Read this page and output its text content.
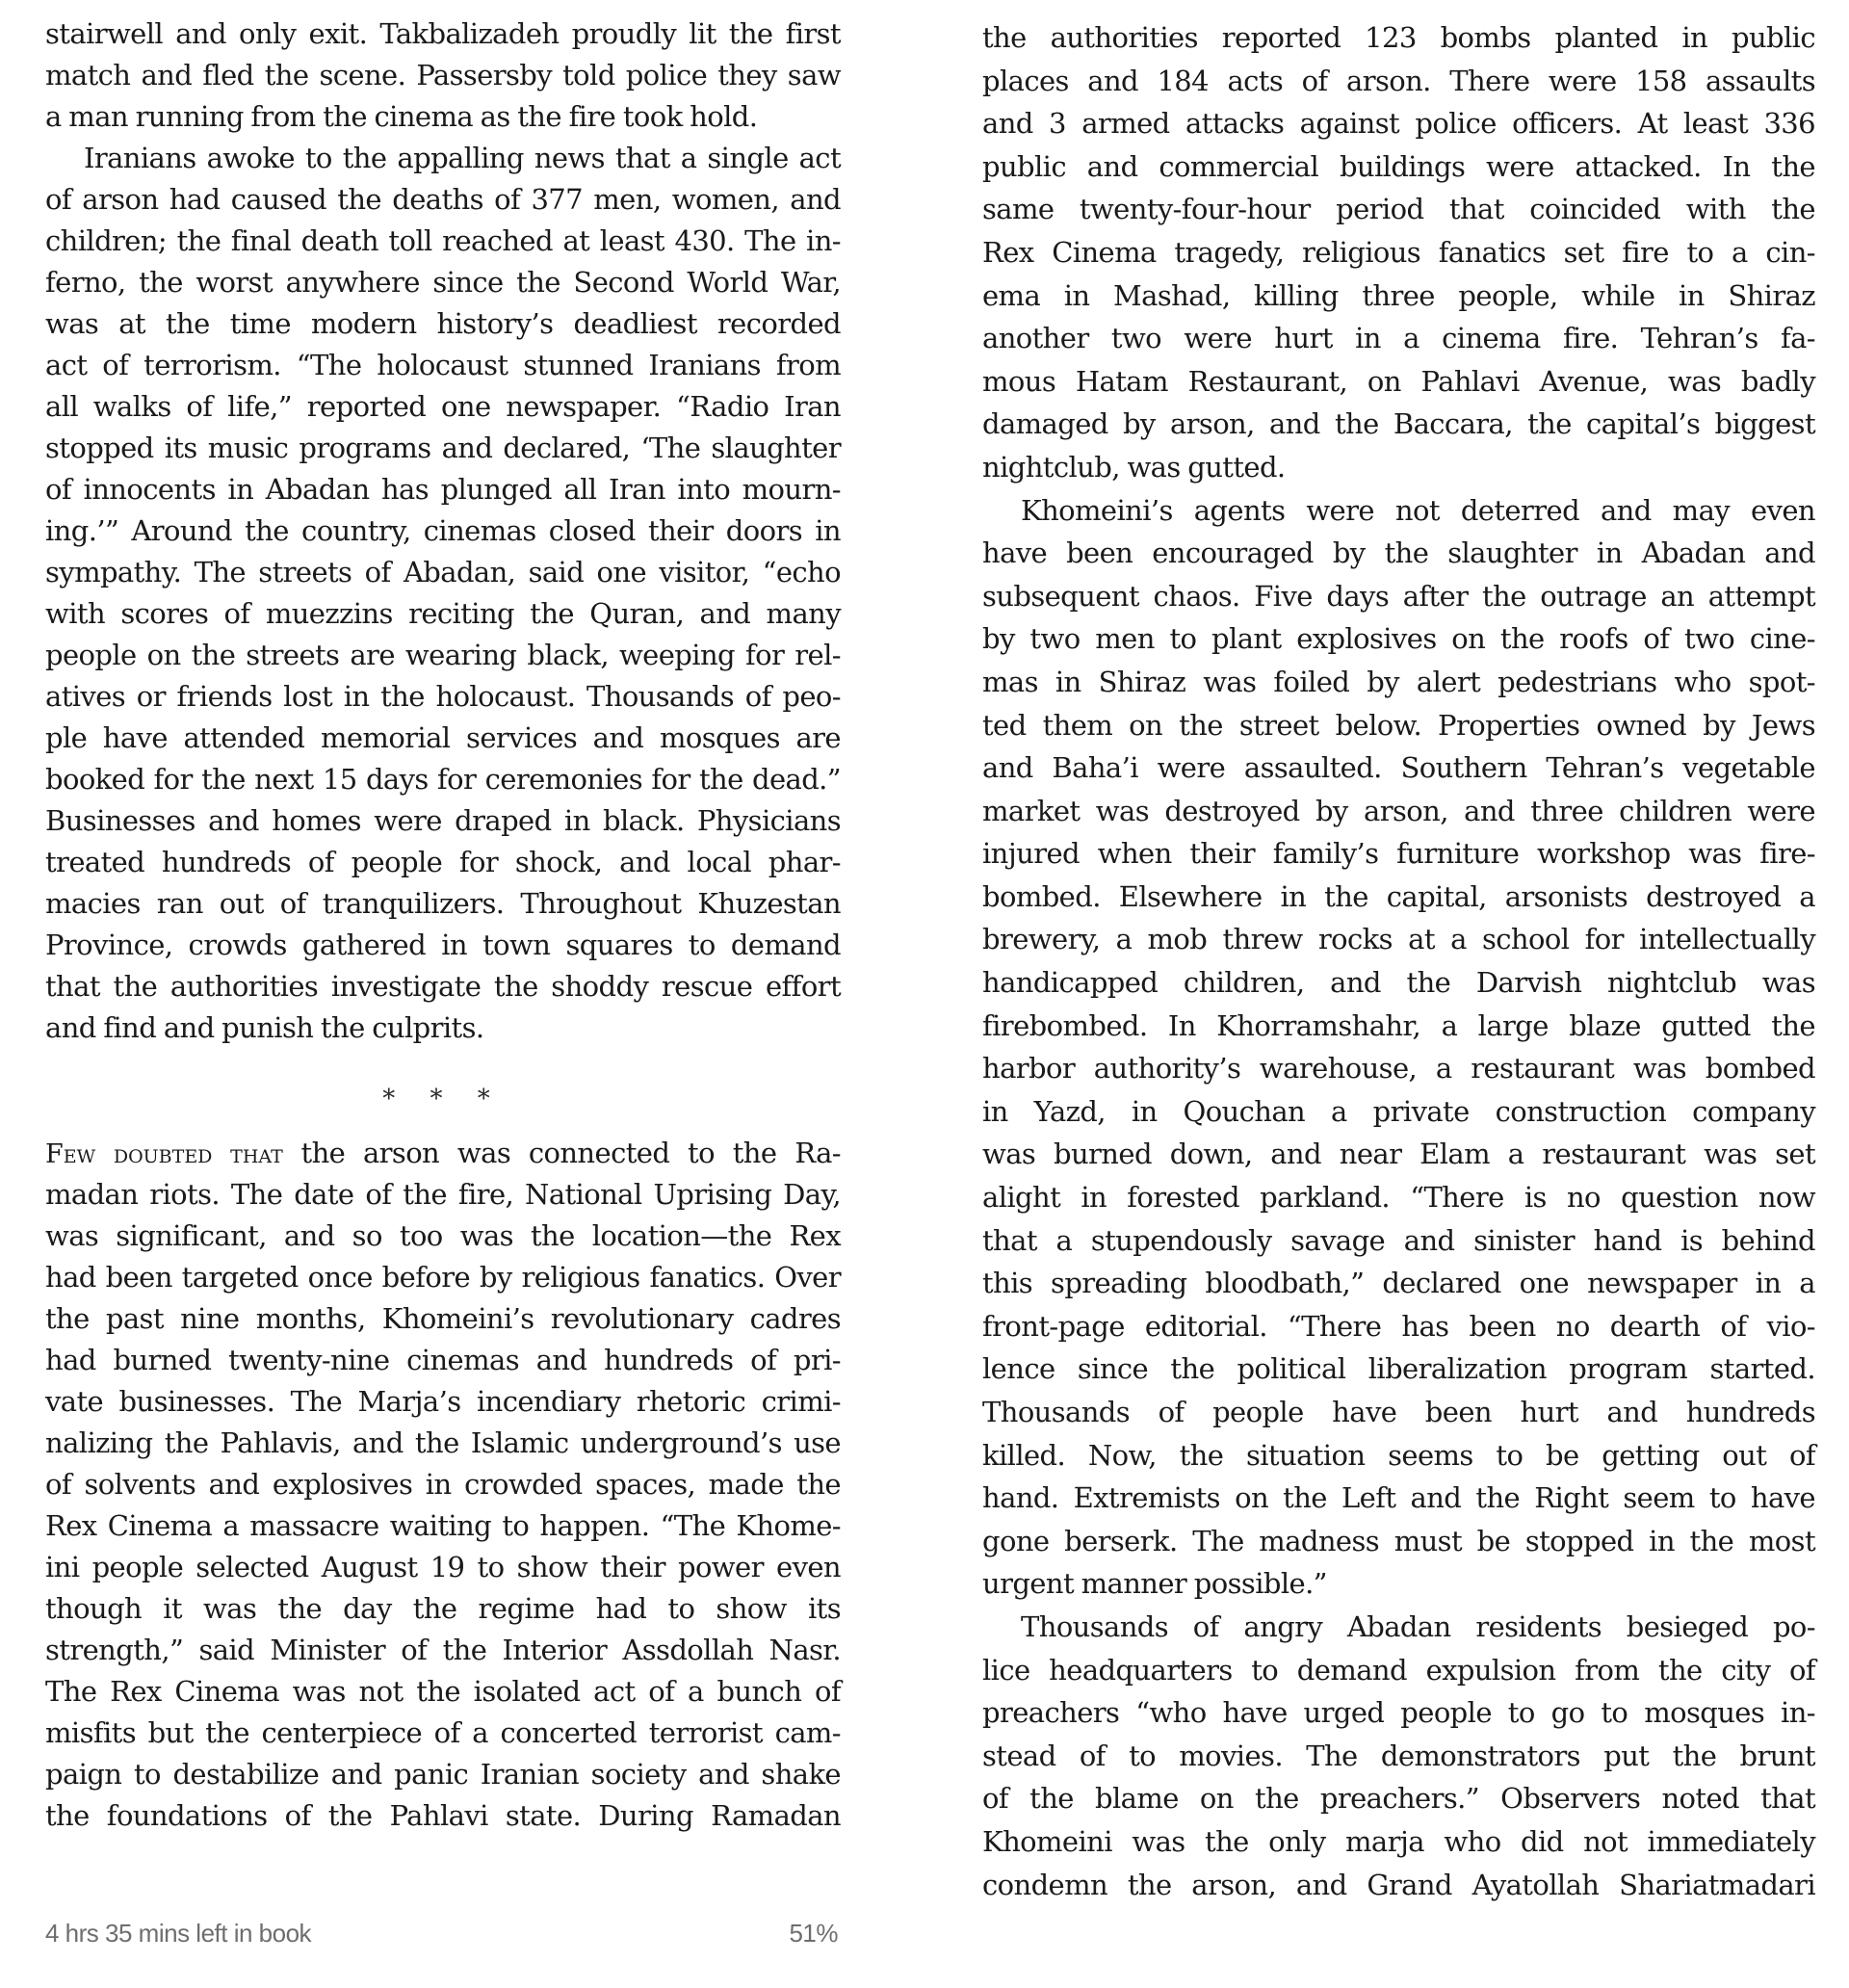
stairwell and only exit. Takbalizadeh proudly lit the first
match and fled the scene. Passersby told police they saw
a man running from the cinema as the fire took hold.
Iranians awoke to the appalling news that a single act
of arson had caused the deaths of 377 men, women, and
children; the final death toll reached at least 430. The in-
ferno, the worst anywhere since the Second World War,
was at the time modern history’s deadliest recorded
act of terrorism. “The holocaust stunned Iranians from
all walks of life,” reported one newspaper. “Radio Iran
stopped its music programs and declared, ‘The slaughter
of innocents in Abadan has plunged all Iran into mourn-
ing.’” Around the country, cinemas closed their doors in
sympathy. The streets of Abadan, said one visitor, “echo
with scores of muezzins reciting the Quran, and many
people on the streets are wearing black, weeping for rel-
atives or friends lost in the holocaust. Thousands of peo-
ple have attended memorial services and mosques are
booked for the next 15 days for ceremonies for the dead.”
Businesses and homes were draped in black. Physicians
treated hundreds of people for shock, and local phar-
macies ran out of tranquilizers. Throughout Khuzestan
Province, crowds gathered in town squares to demand
that the authorities investigate the shoddy rescue effort
and find and punish the culprits.
* * *
Few doubted that the arson was connected to the Ra-
madan riots. The date of the fire, National Uprising Day,
was significant, and so too was the location—the Rex
had been targeted once before by religious fanatics. Over
the past nine months, Khomeini’s revolutionary cadres
had burned twenty-nine cinemas and hundreds of pri-
vate businesses. The Marja’s incendiary rhetoric crimi-
nalizing the Pahlavis, and the Islamic underground’s use
of solvents and explosives in crowded spaces, made the
Rex Cinema a massacre waiting to happen. “The Khome-
ini people selected August 19 to show their power even
though it was the day the regime had to show its
strength,” said Minister of the Interior Assdollah Nasr.
The Rex Cinema was not the isolated act of a bunch of
misfits but the centerpiece of a concerted terrorist cam-
paign to destabilize and panic Iranian society and shake
the foundations of the Pahlavi state. During Ramadan
the authorities reported 123 bombs planted in public
places and 184 acts of arson. There were 158 assaults
and 3 armed attacks against police officers. At least 336
public and commercial buildings were attacked. In the
same twenty-four-hour period that coincided with the
Rex Cinema tragedy, religious fanatics set fire to a cin-
ema in Mashad, killing three people, while in Shiraz
another two were hurt in a cinema fire. Tehran’s fa-
mous Hatam Restaurant, on Pahlavi Avenue, was badly
damaged by arson, and the Baccara, the capital’s biggest
nightclub, was gutted.
Khomeini’s agents were not deterred and may even
have been encouraged by the slaughter in Abadan and
subsequent chaos. Five days after the outrage an attempt
by two men to plant explosives on the roofs of two cine-
mas in Shiraz was foiled by alert pedestrians who spot-
ted them on the street below. Properties owned by Jews
and Baha’i were assaulted. Southern Tehran’s vegetable
market was destroyed by arson, and three children were
injured when their family’s furniture workshop was fire-
bombed. Elsewhere in the capital, arsonists destroyed a
brewery, a mob threw rocks at a school for intellectually
handicapped children, and the Darvish nightclub was
firebombed. In Khorramshahr, a large blaze gutted the
harbor authority’s warehouse, a restaurant was bombed
in Yazd, in Qouchan a private construction company
was burned down, and near Elam a restaurant was set
alight in forested parkland. “There is no question now
that a stupendously savage and sinister hand is behind
this spreading bloodbath,” declared one newspaper in a
front-page editorial. “There has been no dearth of vio-
lence since the political liberalization program started.
Thousands of people have been hurt and hundreds
killed. Now, the situation seems to be getting out of
hand. Extremists on the Left and the Right seem to have
gone berserk. The madness must be stopped in the most
urgent manner possible.”
Thousands of angry Abadan residents besieged po-
lice headquarters to demand expulsion from the city of
preachers “who have urged people to go to mosques in-
stead of to movies. The demonstrators put the brunt
of the blame on the preachers.” Observers noted that
Khomeini was the only marja who did not immediately
condemn the arson, and Grand Ayatollah Shariatmadari
4 hrs 35 mins left in book	51%
